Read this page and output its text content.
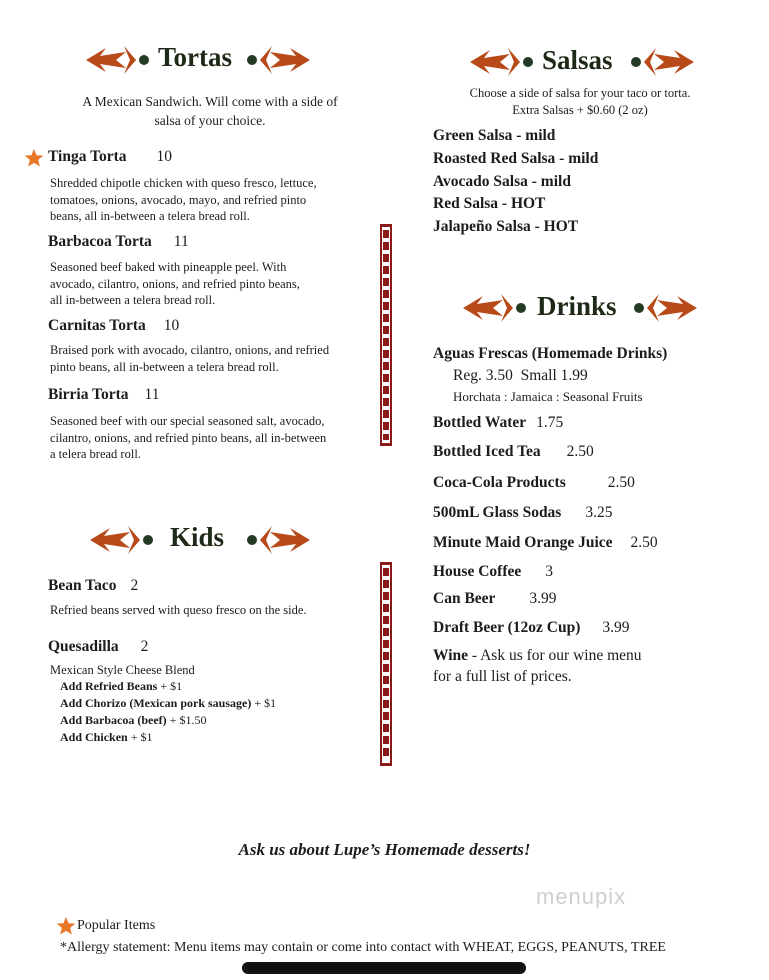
Tortas
A Mexican Sandwich. Will come with a side of
salsa of your choice.
Tinga Torta 10
Shredded chipotle chicken with queso fresco, lettuce,
tomatoes, onions, avocado, mayo, and refried pinto
beans, all in-between a telera bread roll.
Barbacoa Torta 11
Seasoned beef baked with pineapple peel. With
avocado, cilantro, onions, and refried pinto beans,
all in-between a telera bread roll.
Carnitas Torta 10
Braised pork with avocado, cilantro, onions, and refried
pinto beans, all in-between a telera bread roll.
Birria Torta 11
Seasoned beef with our special seasoned salt, avocado,
cilantro, onions, and refried pinto beans, all in-between
a telera bread roll.
Kids
Bean Taco 2
Refried beans served with queso fresco on the side.
Quesadilla 2
Mexican Style Cheese Blend
Add Refried Beans + $1
Add Chorizo (Mexican pork sausage) + $1
Add Barbacoa (beef) + $1.50
Add Chicken + $1
Salsas
Choose a side of salsa for your taco or torta.
Extra Salsas + $0.60 (2 oz)
Green Salsa - mild
Roasted Red Salsa - mild
Avocado Salsa - mild
Red Salsa - HOT
Jalapeño Salsa - HOT
Drinks
Aguas Frescas (Homemade Drinks)
Reg. 3.50  Small 1.99
Horchata : Jamaica : Seasonal Fruits
Bottled Water 1.75
Bottled Iced Tea 2.50
Coca-Cola Products	2.50
500mL Glass Sodas 3.25
Minute Maid Orange Juice 2.50
House Coffee 3
Can Beer 3.99
Draft Beer (12oz Cup) 3.99
Wine - Ask us for our wine menu
for a full list of prices.
Ask us about Lupe’s Homemade desserts!
menupix
Popular Items
*Allergy statement: Menu items may contain or come into contact with WHEAT, EGGS, PEANUTS, TREE
